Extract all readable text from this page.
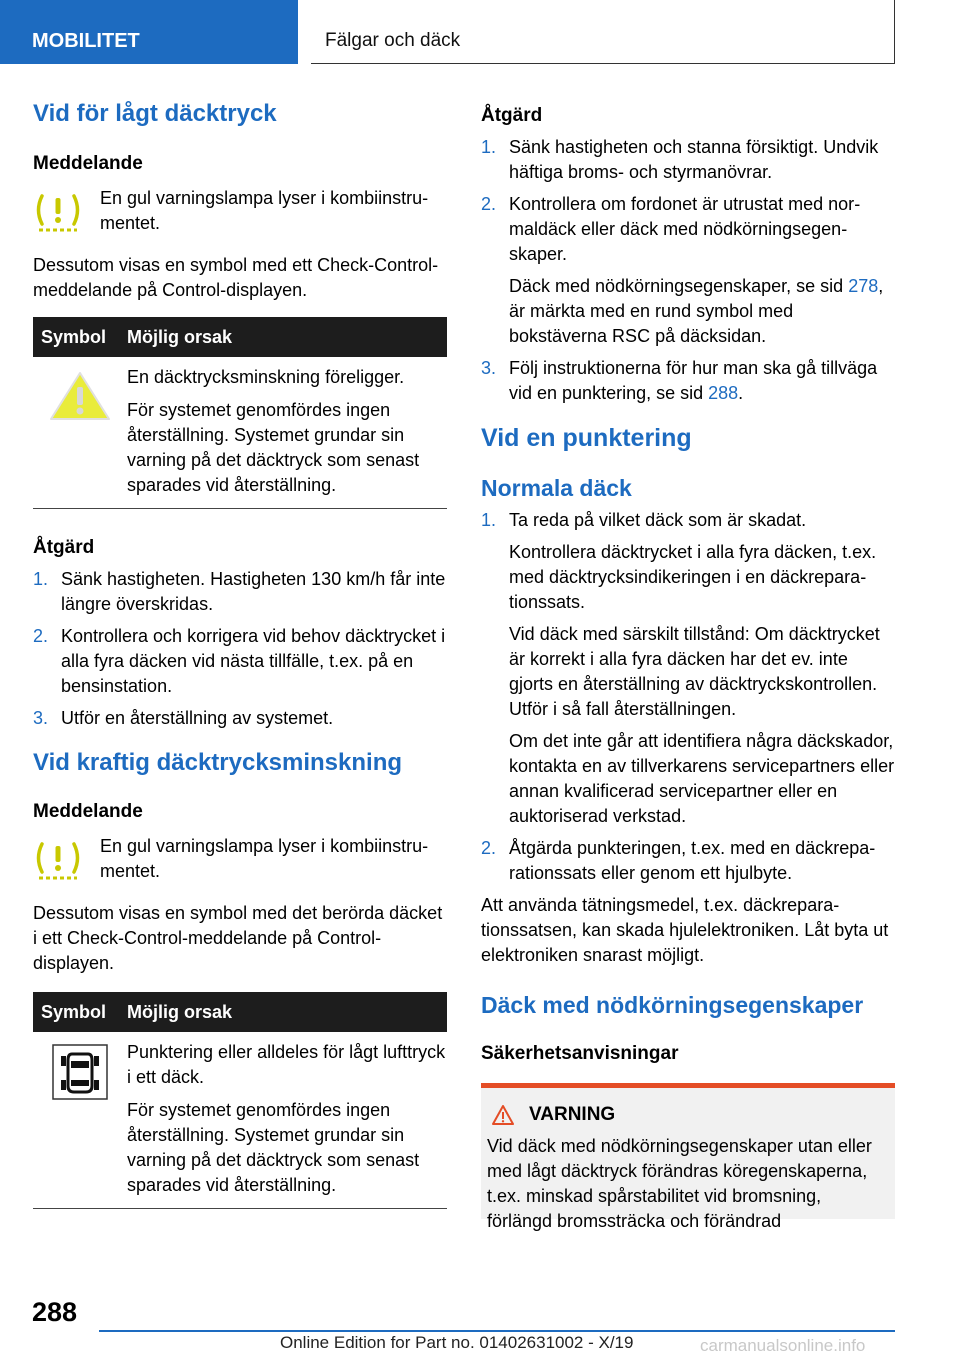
MOBILITET	Fälgar och däck
Vid för lågt däcktryck
Meddelande
En gul varningslampa lyser i kombiinstrumentet.

Dessutom visas en symbol med ett Check-Control-meddelande på Control-displayen.

Symbol	Möjlig orsak

En däcktrycksminskning föreligger.

För systemet genomfördes ingen återställning. Systemet grundar sin varning på det däcktryck som senast sparades vid återställning.

Åtgärd
1. Sänk hastigheten. Hastigheten 130 km/h får inte längre överskridas.
2. Kontrollera och korrigera vid behov däcktrycket i alla fyra däcken vid nästa tillfälle, t.ex. på en bensinstation.
3. Utför en återställning av systemet.
Vid kraftig däcktrycksminskning
Meddelande
En gul varningslampa lyser i kombiinstrumentet.

Dessutom visas en symbol med det berörda däcket i ett Check-Control-meddelande på Control-displayen.

Symbol	Möjlig orsak

Punktering eller alldeles för lågt lufttryck i ett däck.

För systemet genomfördes ingen återställning. Systemet grundar sin varning på det däcktryck som senast sparades vid återställning.

Åtgärd
1. Sänk hastigheten och stanna försiktigt. Undvik häftiga broms- och styrmanövrar.
2. Kontrollera om fordonet är utrustat med normaldäck eller däck med nödkörningsegenskaper.

Däck med nödkörningsegenskaper, se sid 278, är märkta med en rund symbol med bokstäverna RSC på däcksidan.

3. Följ instruktionerna för hur man ska gå tillväga vid en punktering, se sid 288.
Vid en punktering
Normala däck
1. Ta reda på vilket däck som är skadat.

Kontrollera däcktrycket i alla fyra däcken, t.ex. med däcktrycksindikeringen i en däckreparationssats.

Vid däck med särskilt tillstånd: Om däcktrycket är korrekt i alla fyra däcken har det ev. inte gjorts en återställning av däcktryckskontrollen. Utför i så fall återställningen.

Om det inte går att identifiera några däckskador, kontakta en av tillverkarens servicepartners eller annan kvalificerad servicepartner eller en auktoriserad verkstad.

2. Åtgärda punkteringen, t.ex. med en däckreparationssats eller genom ett hjulbyte.

Att använda tätningsmedel, t.ex. däckreparationssatsen, kan skada hjulelektroniken. Låt byta ut elektroniken snarast möjligt.

Däck med nödkörningsegenskaper
Säkerhetsanvisningar
VARNING

Vid däck med nödkörningsegenskaper utan eller med lågt däcktryck förändras köregenskaperna, t.ex. minskad spårstabilitet vid bromsning, förlängd bromssträcka och förändrad

288
Online Edition for Part no. 01402631002 - X/19	carmanualsonline.info
